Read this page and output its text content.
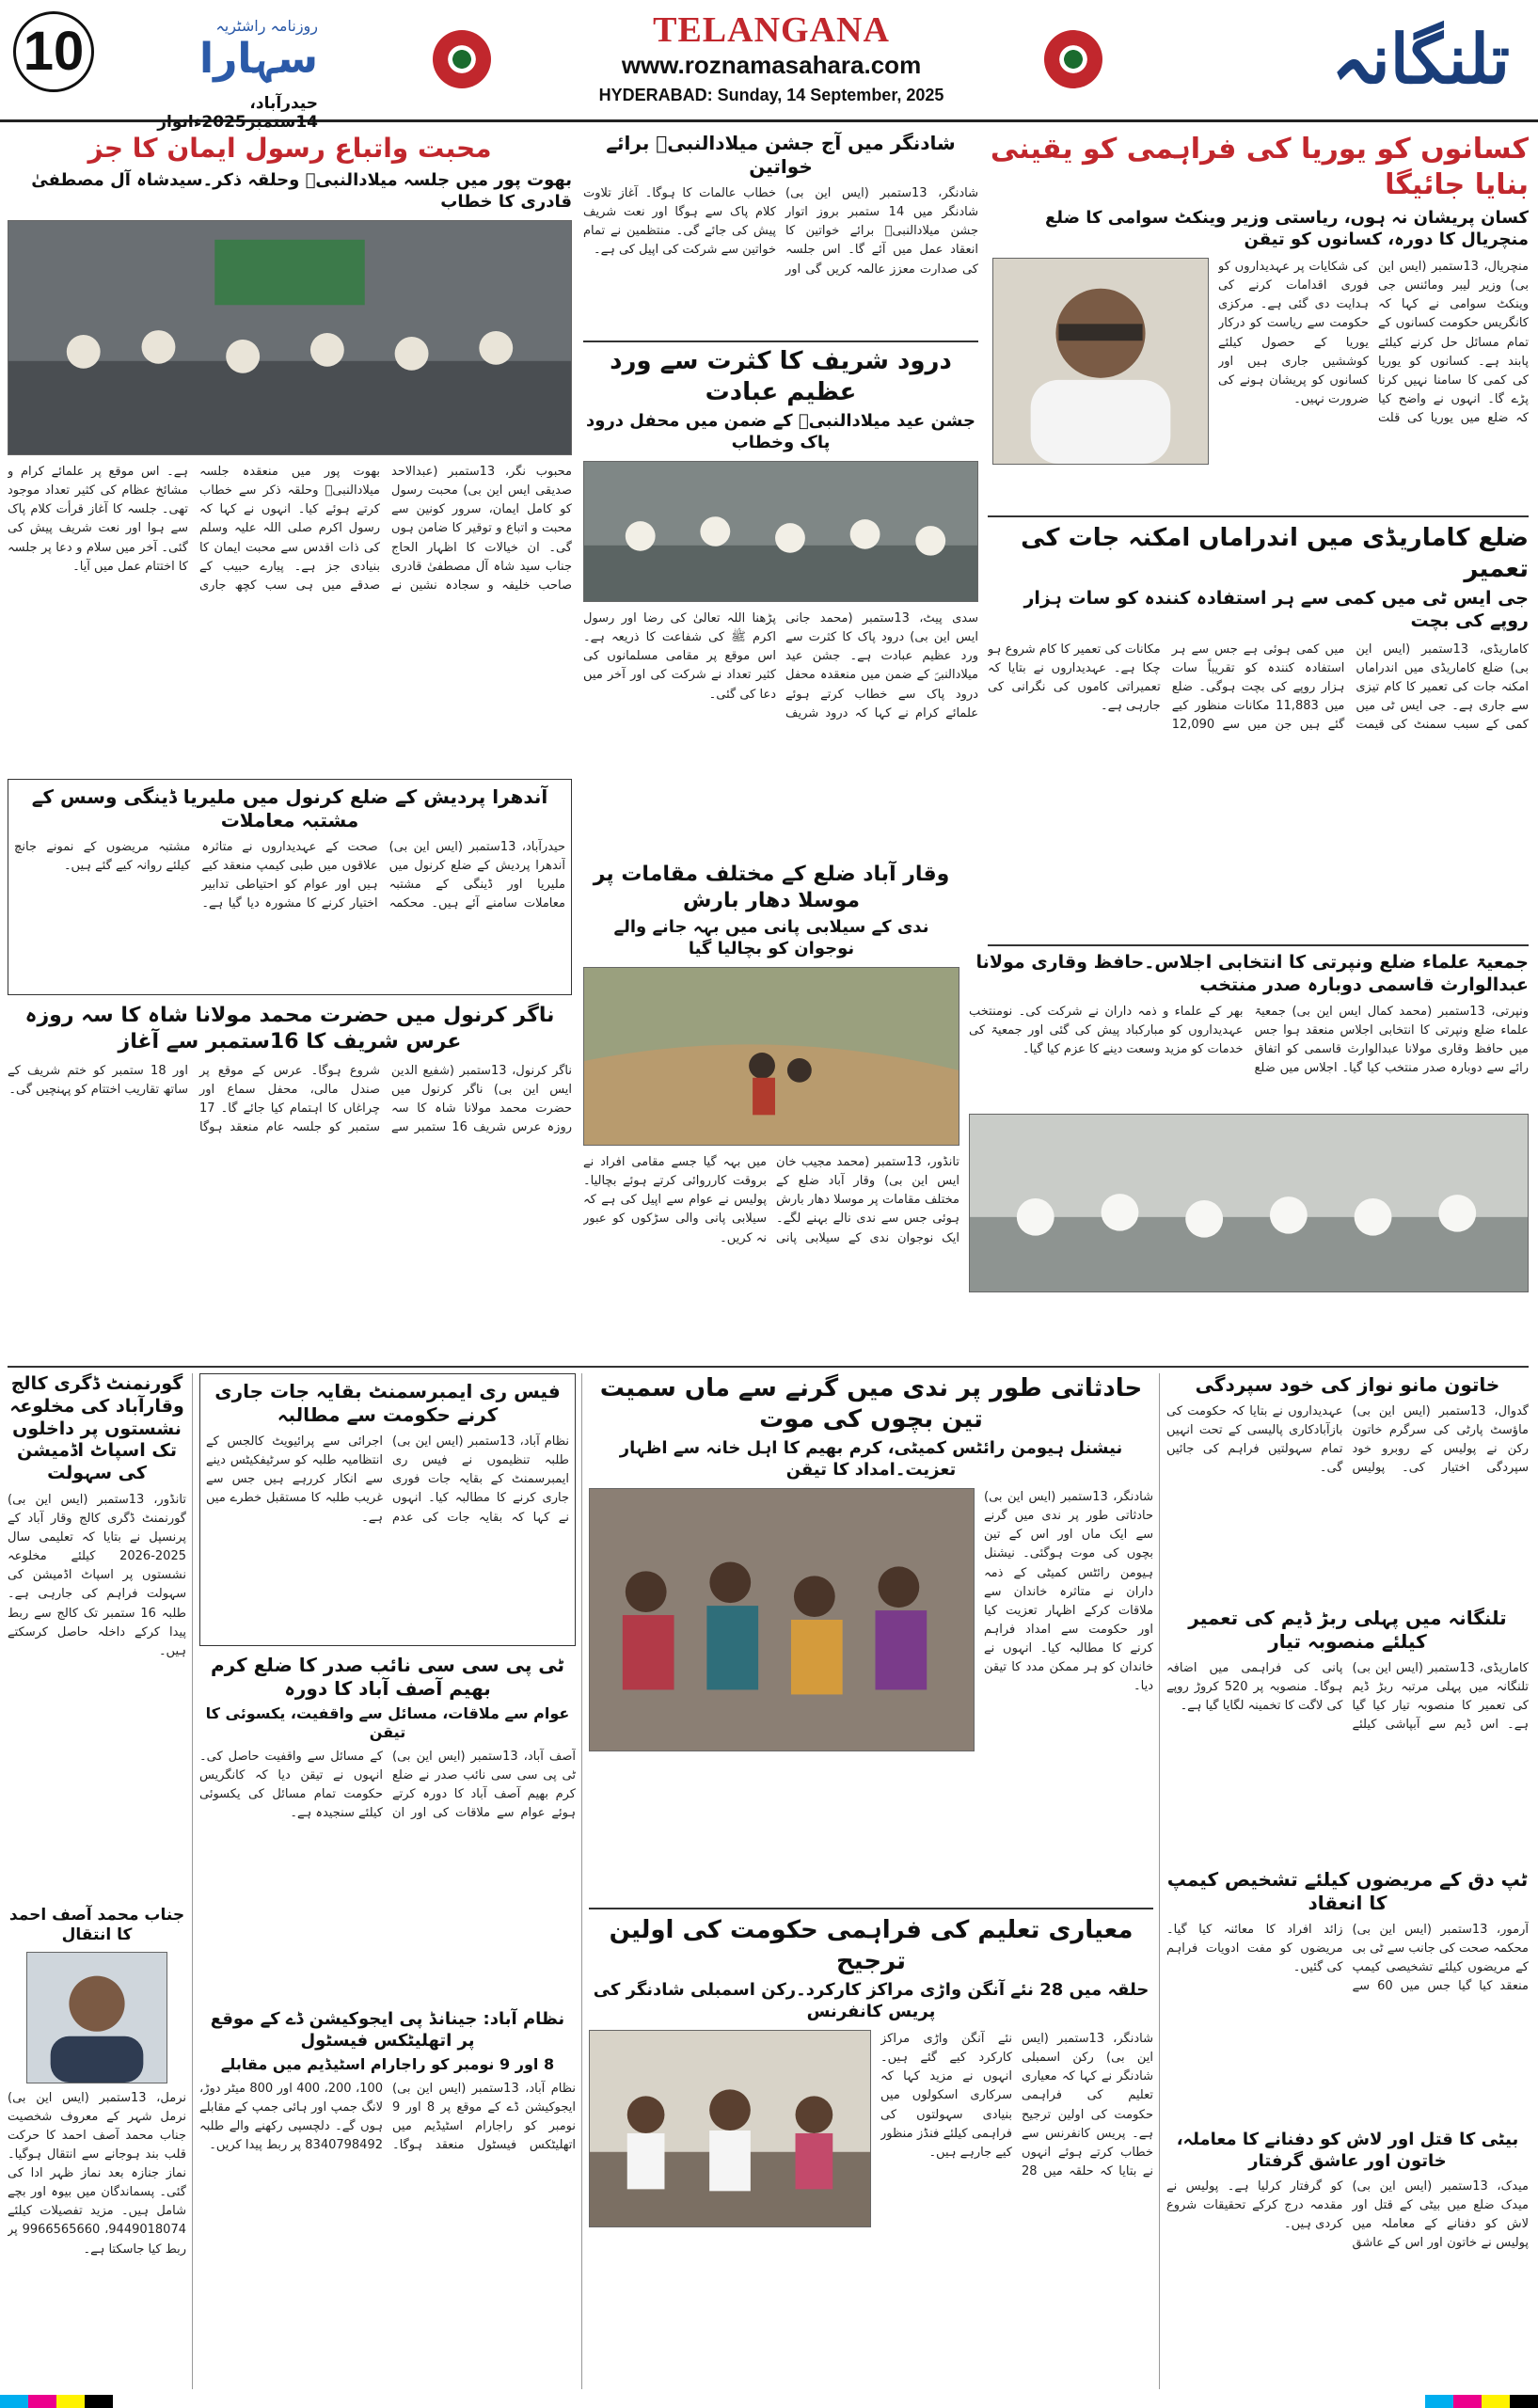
10	روزنامہ راشٹریہ
سہارا
حیدرآباد، 14ستمبر2025ءاتوار
TELANGANA
www.roznamasahara.com
HYDERABAD: Sunday, 14 September, 2025	تلنگانہ
محبت واتباع رسول ایمان کا جز
بھوت پور میں جلسہ میلادالنبیؐ وحلقہ ذکر۔سیدشاہ آل مصطفیٰ قادری کا خطاب
محبوب نگر، 13ستمبر (عبدالاحد صدیقی ایس این بی) محبت رسول کو کامل ایمان، سرور کونین سے محبت و اتباع و توقیر کا ضامن ہوں گی۔ ان خیالات کا اظہار الحاج جناب سید شاہ آل مصطفیٰ قادری صاحب خلیفہ و سجادہ نشین نے بھوت پور میں منعقدہ جلسہ میلادالنبیؐ وحلقہ ذکر سے خطاب کرتے ہوئے کیا۔ انہوں نے کہا کہ رسول اکرم صلی اللہ علیہ وسلم کی ذات اقدس سے محبت ایمان کا بنیادی جز ہے۔ پیارے حبیب کے صدقے میں ہی سب کچھ جاری ہے۔ اس موقع پر علمائے کرام و مشائخ عظام کی کثیر تعداد موجود تھی۔ جلسہ کا آغاز قرأت کلام پاک سے ہوا اور نعت شریف پیش کی گئی۔ آخر میں سلام و دعا پر جلسہ کا اختتام عمل میں آیا۔
شادنگر میں آج جشن میلادالنبیؐ برائے خواتین
شادنگر، 13ستمبر (ایس این بی) شادنگر میں 14 ستمبر بروز اتوار جشن میلادالنبیؐ برائے خواتین کا انعقاد عمل میں آئے گا۔ اس جلسہ کی صدارت معزز عالمہ کریں گی اور خطاب عالمات کا ہوگا۔ آغاز تلاوت کلام پاک سے ہوگا اور نعت شریف پیش کی جائے گی۔ منتظمین نے تمام خواتین سے شرکت کی اپیل کی ہے۔
درود شریف کا کثرت سے ورد عظیم عبادت
جشن عید میلادالنبیؐ کے ضمن میں محفل درود پاک وخطاب
سدی پیٹ، 13ستمبر (محمد جانی ایس این بی) درود پاک کا کثرت سے ورد عظیم عبادت ہے۔ جشن عید میلادالنبیؐ کے ضمن میں منعقدہ محفل درود پاک سے خطاب کرتے ہوئے علمائے کرام نے کہا کہ درود شریف پڑھنا اللہ تعالیٰ کی رضا اور رسول اکرم ﷺ کی شفاعت کا ذریعہ ہے۔ اس موقع پر مقامی مسلمانوں کی کثیر تعداد نے شرکت کی اور آخر میں دعا کی گئی۔
کسانوں کو یوریا کی فراہمی کو یقینی بنایا جائیگا
کسان پریشان نہ ہوں، ریاستی وزیر وینکٹ سوامی کا ضلع منچریال کا دورہ، کسانوں کو تیقن
منچریال، 13ستمبر (ایس این بی) وزیر لیبر ومائنس جی وینکٹ سوامی نے کہا کہ کانگریس حکومت کسانوں کے تمام مسائل حل کرنے کیلئے پابند ہے۔ کسانوں کو یوریا کی کمی کا سامنا نہیں کرنا پڑے گا۔ انہوں نے واضح کیا کہ ضلع میں یوریا کی قلت کی شکایات پر عہدیداروں کو فوری اقدامات کرنے کی ہدایت دی گئی ہے۔ مرکزی حکومت سے ریاست کو درکار یوریا کے حصول کیلئے کوششیں جاری ہیں اور کسانوں کو پریشان ہونے کی ضرورت نہیں۔
ضلع کاماریڈی میں اندراماں امکنہ جات کی تعمیر
جی ایس ٹی میں کمی سے ہر استفادہ کنندہ کو سات ہزار روپے کی بچت
کاماریڈی، 13ستمبر (ایس این بی) ضلع کاماریڈی میں اندراماں امکنہ جات کی تعمیر کا کام تیزی سے جاری ہے۔ جی ایس ٹی میں کمی کے سبب سمنٹ کی قیمت میں کمی ہوئی ہے جس سے ہر استفادہ کنندہ کو تقریباً سات ہزار روپے کی بچت ہوگی۔ ضلع میں 11,883 مکانات منظور کیے گئے ہیں جن میں سے 12,090 مکانات کی تعمیر کا کام شروع ہو چکا ہے۔ عہدیداروں نے بتایا کہ تعمیراتی کاموں کی نگرانی کی جارہی ہے۔
جمعیۃ علماء ضلع ونپرتی کا انتخابی اجلاس۔حافظ وقاری مولانا عبدالوارث قاسمی دوبارہ صدر منتخب
ونپرتی، 13ستمبر (محمد کمال ایس این بی) جمعیۃ علماء ضلع ونپرتی کا انتخابی اجلاس منعقد ہوا جس میں حافظ وقاری مولانا عبدالوارث قاسمی کو اتفاق رائے سے دوبارہ صدر منتخب کیا گیا۔ اجلاس میں ضلع بھر کے علماء و ذمہ داران نے شرکت کی۔ نومنتخب عہدیداروں کو مبارکباد پیش کی گئی اور جمعیۃ کی خدمات کو مزید وسعت دینے کا عزم کیا گیا۔
آندھرا پردیش کے ضلع کرنول میں ملیریا ڈینگی وسس کے مشتبہ معاملات
حیدرآباد، 13ستمبر (ایس این بی) آندھرا پردیش کے ضلع کرنول میں ملیریا اور ڈینگی کے مشتبہ معاملات سامنے آئے ہیں۔ محکمہ صحت کے عہدیداروں نے متاثرہ علاقوں میں طبی کیمپ منعقد کیے ہیں اور عوام کو احتیاطی تدابیر اختیار کرنے کا مشورہ دیا گیا ہے۔ مشتبہ مریضوں کے نمونے جانچ کیلئے روانہ کیے گئے ہیں۔	وقار آباد ضلع کے مختلف مقامات پر موسلا دھار بارش
ندی کے سیلابی پانی میں بہہ جانے والے نوجوان کو بچالیا گیا
تانڈور، 13ستمبر (محمد مجیب خان ایس این بی) وقار آباد ضلع کے مختلف مقامات پر موسلا دھار بارش ہوئی جس سے ندی نالے بہنے لگے۔ ایک نوجوان ندی کے سیلابی پانی میں بہہ گیا جسے مقامی افراد نے بروقت کارروائی کرتے ہوئے بچالیا۔ پولیس نے عوام سے اپیل کی ہے کہ سیلابی پانی والی سڑکوں کو عبور نہ کریں۔
ناگر کرنول میں حضرت محمد مولانا شاہ کا سہ روزہ عرس شریف کا 16ستمبر سے آغاز
ناگر کرنول، 13ستمبر (شفیع الدین ایس این بی) ناگر کرنول میں حضرت محمد مولانا شاہ کا سہ روزہ عرس شریف 16 ستمبر سے شروع ہوگا۔ عرس کے موقع پر صندل مالی، محفل سماع اور چراغاں کا اہتمام کیا جائے گا۔ 17 ستمبر کو جلسہ عام منعقد ہوگا اور 18 ستمبر کو ختم شریف کے ساتھ تقاریب اختتام کو پہنچیں گی۔
گورنمنٹ ڈگری کالج وقارآباد کی مخلوعہ نشستوں پر داخلوں تک اسپاٹ اڈمیشن کی سہولت
تانڈور، 13ستمبر (ایس این بی) گورنمنٹ ڈگری کالج وقار آباد کے پرنسپل نے بتایا کہ تعلیمی سال 2025-2026 کیلئے مخلوعہ نشستوں پر اسپاٹ اڈمیشن کی سہولت فراہم کی جارہی ہے۔ طلبہ 16 ستمبر تک کالج سے ربط پیدا کرکے داخلہ حاصل کرسکتے ہیں۔
جناب محمد آصف احمد کا انتقال
نرمل، 13ستمبر (ایس این بی) نرمل شہر کے معروف شخصیت جناب محمد آصف احمد کا حرکت قلب بند ہوجانے سے انتقال ہوگیا۔ نماز جنازہ بعد نماز ظہر ادا کی گئی۔ پسماندگان میں بیوہ اور بچے شامل ہیں۔ مزید تفصیلات کیلئے 9449018074، 9966565660 پر ربط کیا جاسکتا ہے۔
فیس ری ایمبرسمنٹ بقایہ جات جاری کرنے حکومت سے مطالبہ
نظام آباد، 13ستمبر (ایس این بی) طلبہ تنظیموں نے فیس ری ایمبرسمنٹ کے بقایہ جات فوری جاری کرنے کا مطالبہ کیا۔ انہوں نے کہا کہ بقایہ جات کی عدم اجرائی سے پرائیویٹ کالجس کے انتظامیہ طلبہ کو سرٹیفکیٹس دینے سے انکار کررہے ہیں جس سے غریب طلبہ کا مستقبل خطرے میں ہے۔
ٹی پی سی سی نائب صدر کا ضلع کرم بھیم آصف آباد کا دورہ
عوام سے ملاقات، مسائل سے واقفیت، یکسوئی کا تیقن
آصف آباد، 13ستمبر (ایس این بی) ٹی پی سی سی نائب صدر نے ضلع کرم بھیم آصف آباد کا دورہ کرتے ہوئے عوام سے ملاقات کی اور ان کے مسائل سے واقفیت حاصل کی۔ انہوں نے تیقن دیا کہ کانگریس حکومت تمام مسائل کی یکسوئی کیلئے سنجیدہ ہے۔
نظام آباد: جینانڈ پی ایجوکیشن ڈے کے موقع پر اتھلیٹکس فیسٹول
8 اور 9 نومبر کو راجارام اسٹیڈیم میں مقابلے
نظام آباد، 13ستمبر (ایس این بی) ایجوکیشن ڈے کے موقع پر 8 اور 9 نومبر کو راجارام اسٹیڈیم میں اتھلیٹکس فیسٹول منعقد ہوگا۔ 100، 200، 400 اور 800 میٹر دوڑ، لانگ جمپ اور ہائی جمپ کے مقابلے ہوں گے۔ دلچسپی رکھنے والے طلبہ 8340798492 پر ربط پیدا کریں۔
حادثاتی طور پر ندی میں گرنے سے ماں سمیت تین بچوں کی موت
نیشنل ہیومن رائٹس کمیٹی، کرم بھیم کا اہل خانہ سے اظہار تعزیت۔امداد کا تیقن
شادنگر، 13ستمبر (ایس این بی) حادثاتی طور پر ندی میں گرنے سے ایک ماں اور اس کے تین بچوں کی موت ہوگئی۔ نیشنل ہیومن رائٹس کمیٹی کے ذمہ داران نے متاثرہ خاندان سے ملاقات کرکے اظہار تعزیت کیا اور حکومت سے امداد فراہم کرنے کا مطالبہ کیا۔ انہوں نے خاندان کو ہر ممکن مدد کا تیقن دیا۔
معیاری تعلیم کی فراہمی حکومت کی اولین ترجیح
حلقہ میں 28 نئے آنگن واڑی مراکز کارکرد۔رکن اسمبلی شادنگر کی پریس کانفرنس
شادنگر، 13ستمبر (ایس این بی) رکن اسمبلی شادنگر نے کہا کہ معیاری تعلیم کی فراہمی حکومت کی اولین ترجیح ہے۔ پریس کانفرنس سے خطاب کرتے ہوئے انہوں نے بتایا کہ حلقہ میں 28 نئے آنگن واڑی مراکز کارکرد کیے گئے ہیں۔ انہوں نے مزید کہا کہ سرکاری اسکولوں میں بنیادی سہولتوں کی فراہمی کیلئے فنڈز منظور کیے جارہے ہیں۔
خاتون مانو نواز کی خود سپردگی
گدوال، 13ستمبر (ایس این بی) ماؤسٹ پارٹی کی سرگرم خاتون رکن نے پولیس کے روبرو خود سپردگی اختیار کی۔ پولیس عہدیداروں نے بتایا کہ حکومت کی بازآبادکاری پالیسی کے تحت انہیں تمام سہولتیں فراہم کی جائیں گی۔
تلنگانہ میں پہلی ربڑ ڈیم کی تعمیر کیلئے منصوبہ تیار
کاماریڈی، 13ستمبر (ایس این بی) تلنگانہ میں پہلی مرتبہ ربڑ ڈیم کی تعمیر کا منصوبہ تیار کیا گیا ہے۔ اس ڈیم سے آبپاشی کیلئے پانی کی فراہمی میں اضافہ ہوگا۔ منصوبہ پر 520 کروڑ روپے کی لاگت کا تخمینہ لگایا گیا ہے۔
ٹپ دق کے مریضوں کیلئے تشخیص کیمپ کا انعقاد
آرمور، 13ستمبر (ایس این بی) محکمہ صحت کی جانب سے ٹی بی کے مریضوں کیلئے تشخیصی کیمپ منعقد کیا گیا جس میں 60 سے زائد افراد کا معائنہ کیا گیا۔ مریضوں کو مفت ادویات فراہم کی گئیں۔
بیٹی کا قتل اور لاش کو دفنانے کا معاملہ، خاتون اور عاشق گرفتار
میدک، 13ستمبر (ایس این بی) میدک ضلع میں بیٹی کے قتل اور لاش کو دفنانے کے معاملہ میں پولیس نے خاتون اور اس کے عاشق کو گرفتار کرلیا ہے۔ پولیس نے مقدمہ درج کرکے تحقیقات شروع کردی ہیں۔
